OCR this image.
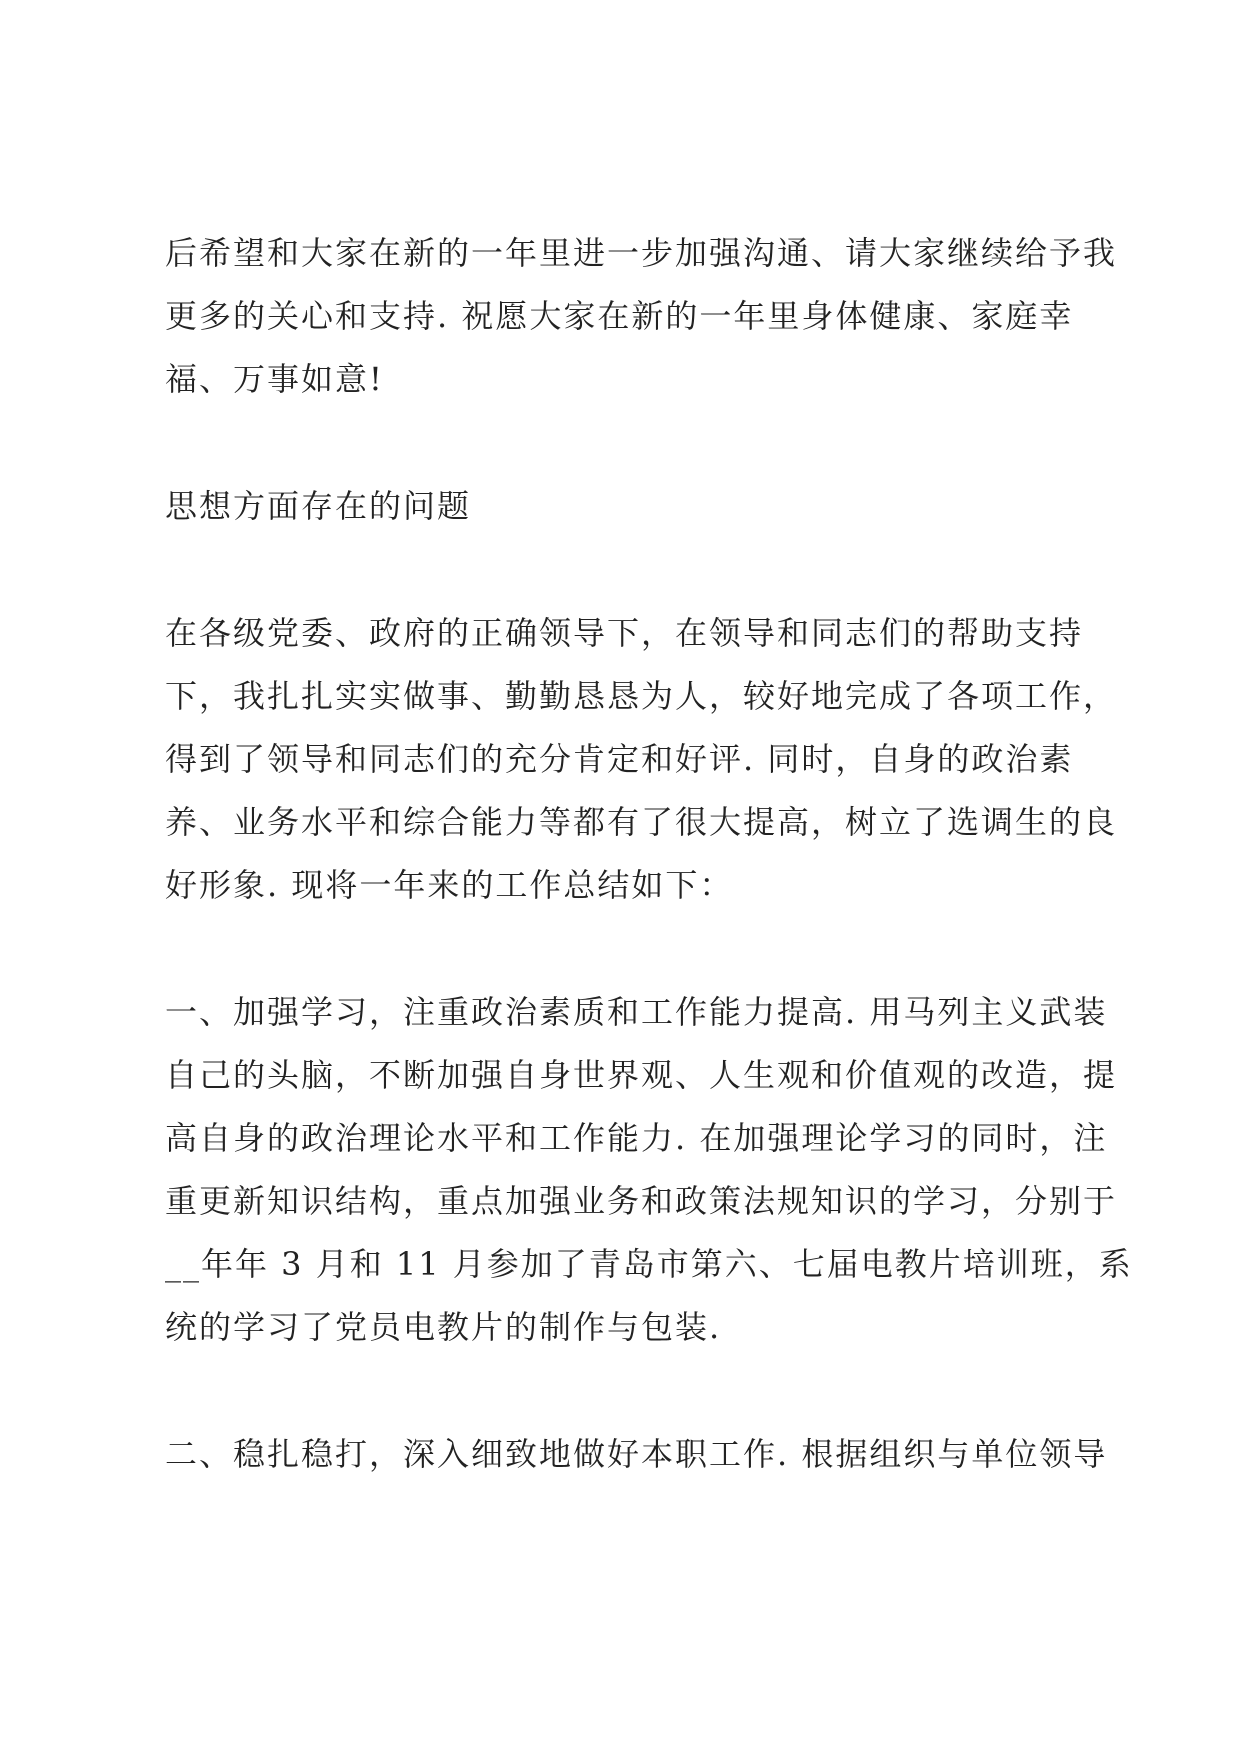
后希望和大家在新的一年里进一步加强沟通、请大家继续给予我

更多的关心和支持. 祝愿大家在新的一年里身体健康、家庭幸

福、万事如意!

思想方面存在的问题

在各级党委、政府的正确领导下，在领导和同志们的帮助支持

下，我扎扎实实做事、勤勤恳恳为人，较好地完成了各项工作，

得到了领导和同志们的充分肯定和好评. 同时，自身的政治素

养、业务水平和综合能力等都有了很大提高，树立了选调生的良

好形象. 现将一年来的工作总结如下：

一、加强学习，注重政治素质和工作能力提高. 用马列主义武装

自己的头脑，不断加强自身世界观、人生观和价值观的改造，提

高自身的政治理论水平和工作能力. 在加强理论学习的同时，注

重更新知识结构，重点加强业务和政策法规知识的学习，分别于

__年年 3 月和 11 月参加了青岛市第六、七届电教片培训班，系

统的学习了党员电教片的制作与包装.

二、稳扎稳打，深入细致地做好本职工作. 根据组织与单位领导
